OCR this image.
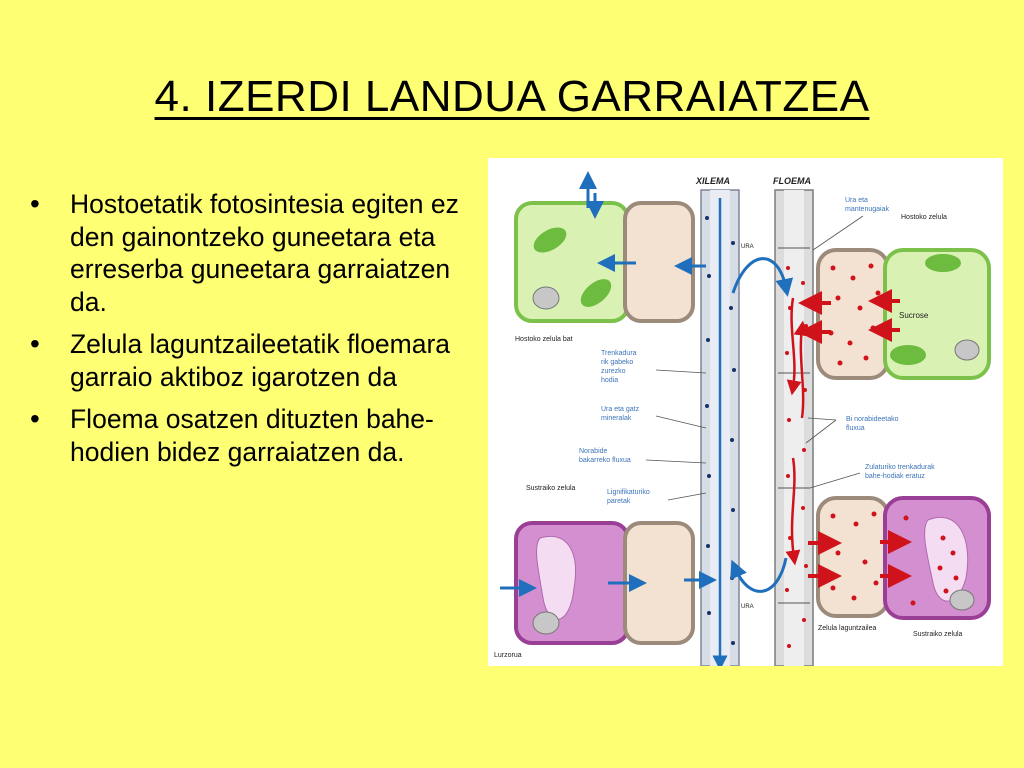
4. IZERDI LANDUA GARRAIATZEA
• Hostoetatik fotosintesia egiten ez den gainontzeko guneetara eta erreserba guneetara garraiatzen da.
• Zelula laguntzaileetatik floemara garraio aktiboz igarotzen da
• Floema osatzen dituzten bahe-hodien bidez garraiatzen da.
XILEMA	FLOEMA
URA
URA
Ura eta
mantenugaiak
Hostoko zelula
Hostoko zelula bat
Sucrose
Trenkadura
rik gabeko
zurezko
hodia
Ura eta gatz
mineralak	Bi norabideetako
fluxua
Norabide
bakarreko fluxua
Zulaturiko trenkadurak
bahe-hodiak eratuz
Sustraiko zelula
Lignifikaturiko
paretak
Lurzorua
Zelula laguntzailea
Sustraiko zelula
